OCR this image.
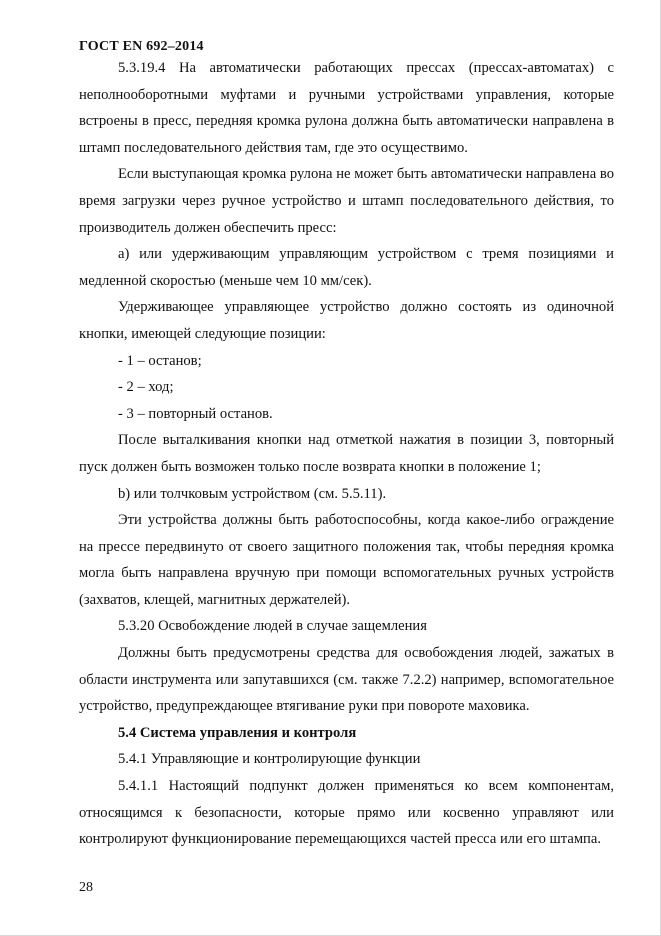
ГОСТ EN 692–2014

5.3.19.4 На автоматически работающих прессах (прессах-автоматах) с неполнооборотными муфтами и ручными устройствами управления, которые встроены в пресс, передняя кромка рулона должна быть автоматически направлена в штамп последовательного действия там, где это осуществимо.

Если выступающая кромка рулона не может быть автоматически направлена во время загрузки через ручное устройство и штамп последовательного действия, то производитель должен обеспечить пресс:

a) или удерживающим управляющим устройством с тремя позициями и медленной скоростью (меньше чем 10 мм/сек).

Удерживающее управляющее устройство должно состоять из одиночной кнопки, имеющей следующие позиции:

- 1 – останов;

- 2 – ход;

- 3 – повторный останов.

После выталкивания кнопки над отметкой нажатия в позиции 3, повторный пуск должен быть возможен только после возврата кнопки в положение 1;

b) или толчковым устройством (см. 5.5.11).

Эти устройства должны быть работоспособны, когда какое-либо ограждение на прессе передвинуто от своего защитного положения так, чтобы передняя кромка могла быть направлена вручную при помощи вспомогательных ручных устройств (захватов, клещей, магнитных держателей).

5.3.20 Освобождение людей в случае защемления

Должны быть предусмотрены средства для освобождения людей, зажатых в области инструмента или запутавшихся (см. также 7.2.2) например, вспомогательное устройство, предупреждающее втягивание руки при повороте маховика.

5.4 Система управления и контроля

5.4.1 Управляющие и контролирующие функции

5.4.1.1 Настоящий подпункт должен применяться ко всем компонентам, относящимся к безопасности, которые прямо или косвенно управляют или контролируют функционирование перемещающихся частей пресса или его штампа.

28
